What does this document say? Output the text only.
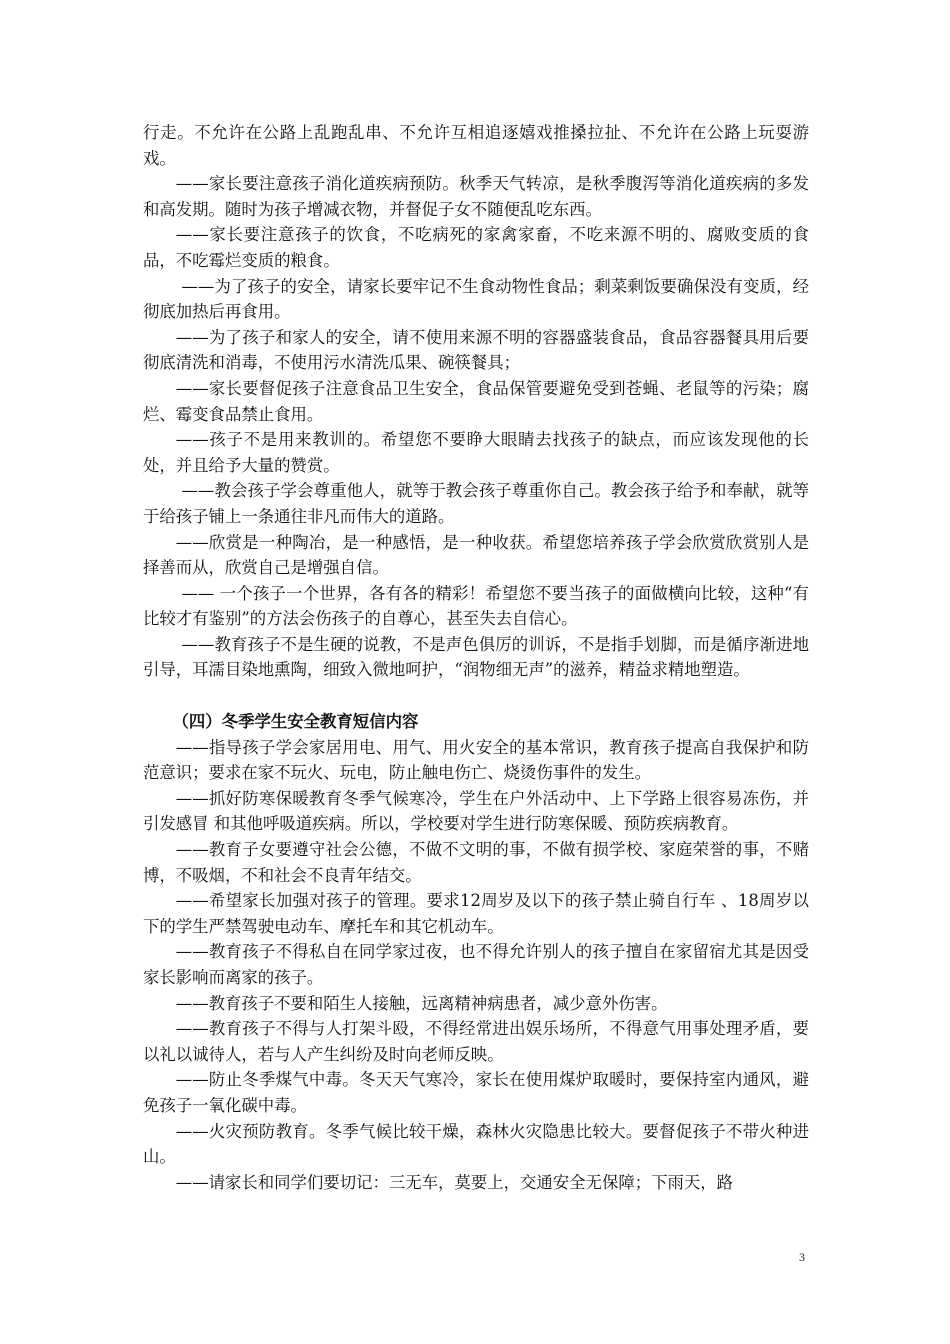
行走。不允许在公路上乱跑乱串、不允许互相追逐嬉戏推搡拉扯、不允许在公路上玩耍游戏。

——家长要注意孩子消化道疾病预防。秋季天气转凉，是秋季腹泻等消化道疾病的多发和高发期。随时为孩子增减衣物，并督促子女不随便乱吃东西。

——家长要注意孩子的饮食，不吃病死的家禽家畜，不吃来源不明的、腐败变质的食品，不吃霉烂变质的粮食。

——为了孩子的安全，请家长要牢记不生食动物性食品；剩菜剩饭要确保没有变质，经彻底加热后再食用。

——为了孩子和家人的安全，请不使用来源不明的容器盛装食品，食品容器餐具用后要彻底清洗和消毒，不使用污水清洗瓜果、碗筷餐具；

——家长要督促孩子注意食品卫生安全，食品保管要避免受到苍蝇、老鼠等的污染；腐烂、霉变食品禁止食用。

——孩子不是用来教训的。希望您不要睁大眼睛去找孩子的缺点，而应该发现他的长处，并且给予大量的赞赏。

——教会孩子学会尊重他人，就等于教会孩子尊重你自己。教会孩子给予和奉献，就等于给孩子铺上一条通往非凡而伟大的道路。

——欣赏是一种陶冶，是一种感悟，是一种收获。希望您培养孩子学会欣赏欣赏别人是择善而从，欣赏自己是增强自信。

—— 一个孩子一个世界，各有各的精彩！希望您不要当孩子的面做横向比较，这种“有比较才有鉴别”的方法会伤孩子的自尊心，甚至失去自信心。

——教育孩子不是生硬的说教，不是声色俱厉的训诉，不是指手划脚，而是循序渐进地引导，耳濡目染地熏陶，细致入微地呵护，“润物细无声”的滋养，精益求精地塑造。

（四）冬季学生安全教育短信内容

——指导孩子学会家居用电、用气、用火安全的基本常识，教育孩子提高自我保护和防范意识；要求在家不玩火、玩电，防止触电伤亡、烧烫伤事件的发生。

——抓好防寒保暖教育冬季气候寒冷，学生在户外活动中、上下学路上很容易冻伤，并引发感冒 和其他呼吸道疾病。所以，学校要对学生进行防寒保暖、预防疾病教育。

——教育子女要遵守社会公德，不做不文明的事，不做有损学校、家庭荣誉的事，不赌博，不吸烟，不和社会不良青年结交。

——希望家长加强对孩子的管理。要求12周岁及以下的孩子禁止骑自行车 、18周岁以下的学生严禁驾驶电动车、摩托车和其它机动车。

——教育孩子不得私自在同学家过夜，也不得允许别人的孩子擅自在家留宿尤其是因受家长影响而离家的孩子。

——教育孩子不要和陌生人接触，远离精神病患者，减少意外伤害。

——教育孩子不得与人打架斗殴，不得经常进出娱乐场所，不得意气用事处理矛盾，要以礼以诚待人，若与人产生纠纷及时向老师反映。

——防止冬季煤气中毒。冬天天气寒冷，家长在使用煤炉取暖时，要保持室内通风，避免孩子一氧化碳中毒。

——火灾预防教育。冬季气候比较干燥，森林火灾隐患比较大。要督促孩子不带火种进山。

——请家长和同学们要切记：三无车，莫要上，交通安全无保障；下雨天，路

3
